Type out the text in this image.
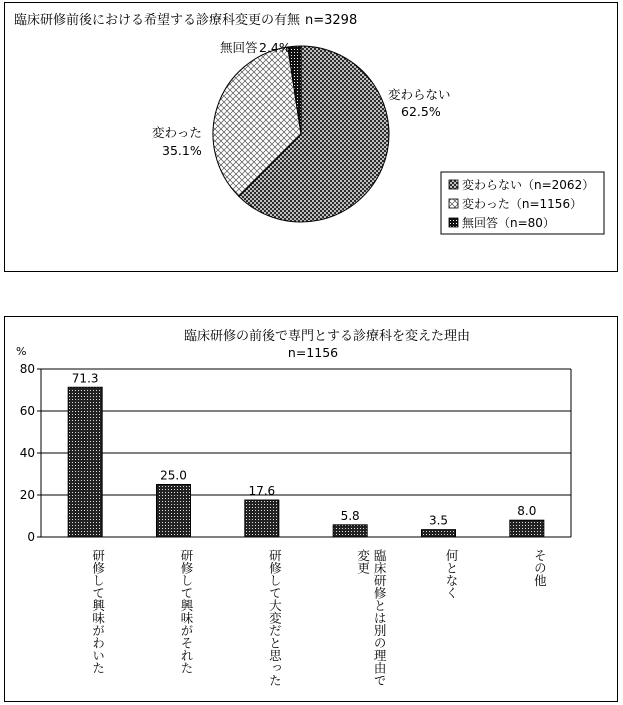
臨床研修前後における希望する診療科変更の有無 n=3298
変わらない
62.5%
変わった
35.1%
無回答 2.4%
変わらない（n=2062）
変わった（n=1156）
無回答（n=80）
臨床研修の前後で専門とする診療科を変えた理由
n=1156
%
0
20
40
60
80
71.3
25.0
17.6
5.8	3.5
8.0
研修して興味がわいた	研修して興味がそれた	研修して大変だと思った	臨床研修とは別の理由で変更	何となく	その他
